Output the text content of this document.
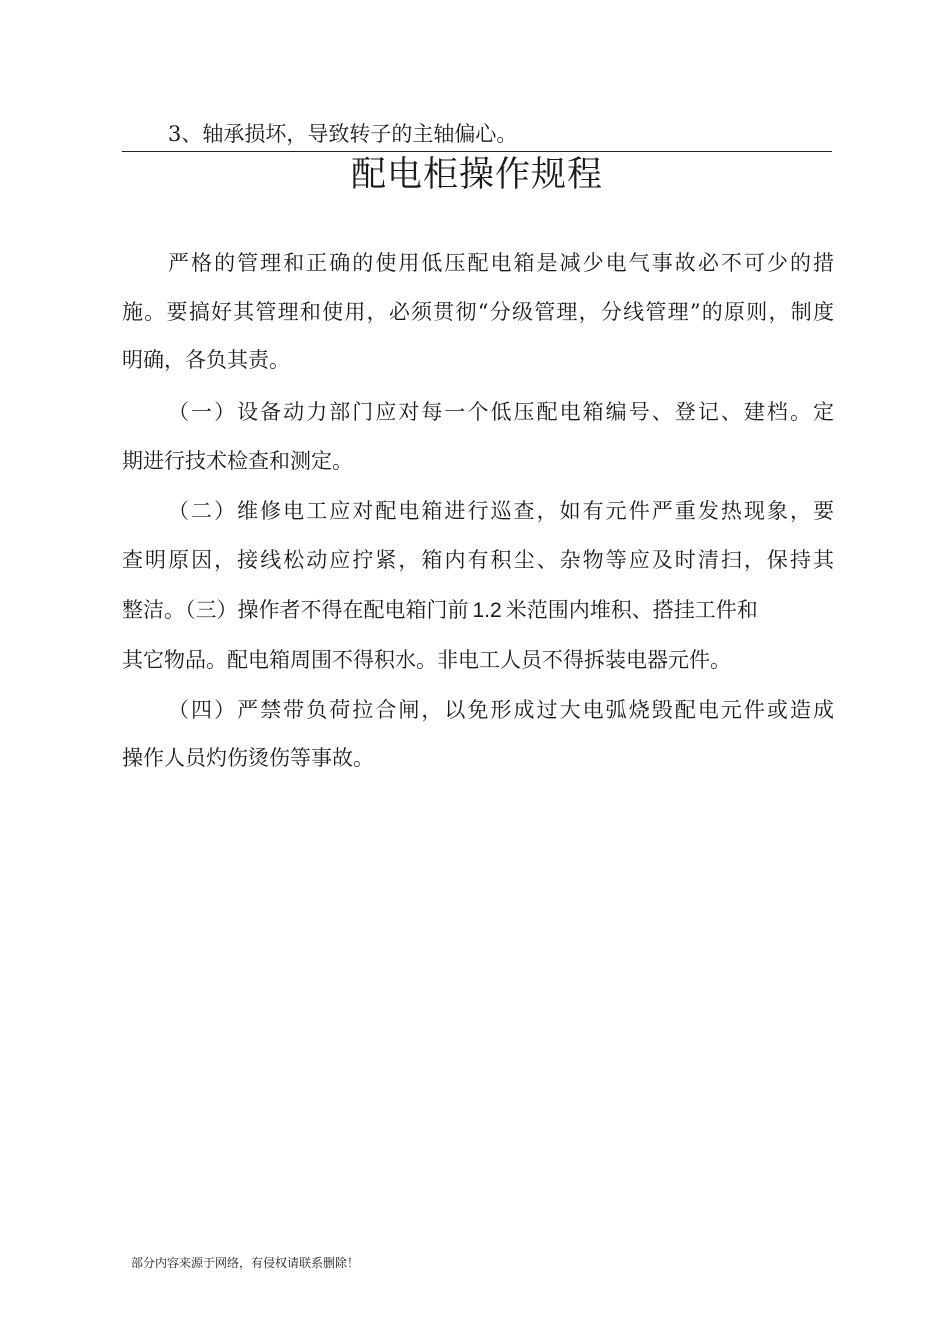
3、轴承损坏，导致转子的主轴偏心。
配电柜操作规程
严格的管理和正确的使用低压配电箱是减少电气事故必不可少的措
施。要搞好其管理和使用，必须贯彻“分级管理，分线管理”的原则，制度
明确，各负其责。
（一）设备动力部门应对每一个低压配电箱编号、登记、建档。定
期进行技术检查和测定。
（二）维修电工应对配电箱进行巡查，如有元件严重发热现象，要
查明原因，接线松动应拧紧，箱内有积尘、杂物等应及时清扫，保持其
整洁。（三）操作者不得在配电箱门前 1.2 米范围内堆积、搭挂工件和
其它物品。配电箱周围不得积水。非电工人员不得拆装电器元件。
（四）严禁带负荷拉合闸，以免形成过大电弧烧毁配电元件或造成
操作人员灼伤烫伤等事故。
部分内容来源于网络，有侵权请联系删除！
